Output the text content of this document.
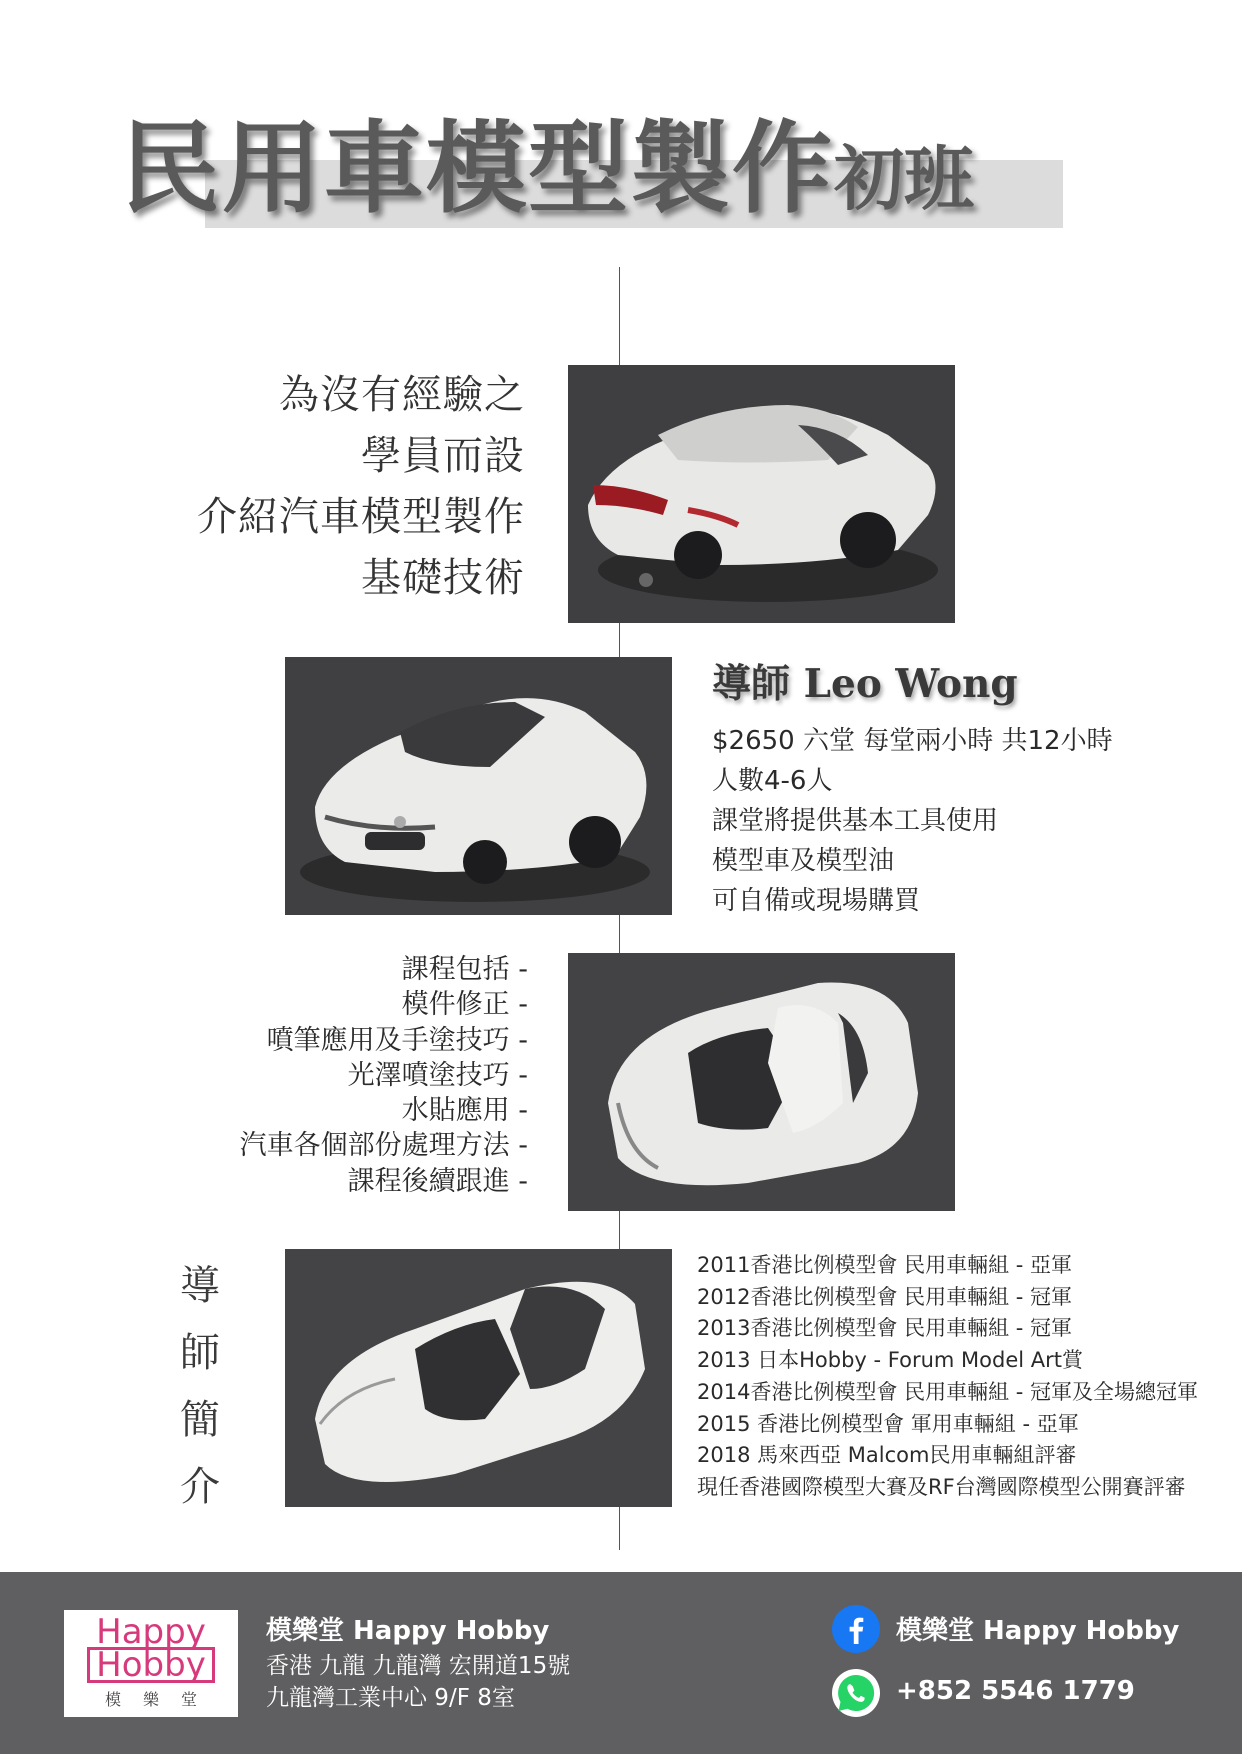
民用車模型製作初班
為沒有經驗之
學員而設
介紹汽車模型製作
基礎技術
導師 Leo Wong
$2650 六堂 每堂兩小時 共12小時
人數4-6人
課堂將提供基本工具使用
模型車及模型油
可自備或現場購買
課程包括 -
模件修正 -
噴筆應用及手塗技巧 -
光澤噴塗技巧 -
水貼應用 -
汽車各個部份處理方法 -
課程後續跟進 -
導
師
簡
介
2011香港比例模型會 民用車輛組 - 亞軍
2012香港比例模型會 民用車輛組 - 冠軍
2013香港比例模型會 民用車輛組 - 冠軍
2013 日本Hobby - Forum Model Art賞
2014香港比例模型會 民用車輛組 - 冠軍及全場總冠軍
2015 香港比例模型會 軍用車輛組 - 亞軍
2018 馬來西亞 Malcom民用車輛組評審
現任香港國際模型大賽及RF台灣國際模型公開賽評審
Happy
Hobby
模樂堂
模樂堂 Happy Hobby
香港 九龍 九龍灣 宏開道15號
九龍灣工業中心 9/F 8室
模樂堂 Happy Hobby
+852 5546 1779
